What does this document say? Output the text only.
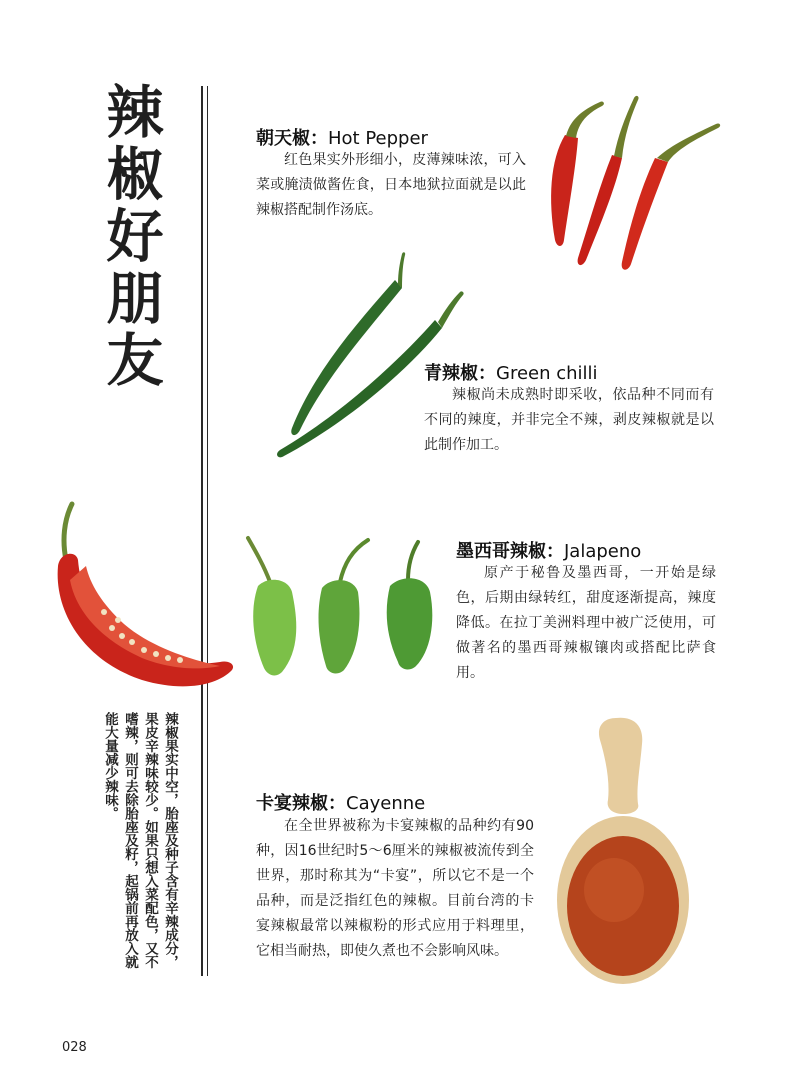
辣椒好朋友
朝天椒：Hot Pepper
红色果实外形细小，皮薄辣味浓，可入菜或腌渍做酱佐食，日本地狱拉面就是以此辣椒搭配制作汤底。
青辣椒：Green chilli
辣椒尚未成熟时即采收，依品种不同而有不同的辣度，并非完全不辣，剥皮辣椒就是以此制作加工。
墨西哥辣椒：Jalapeno
原产于秘鲁及墨西哥，一开始是绿色，后期由绿转红，甜度逐渐提高，辣度降低。在拉丁美洲料理中被广泛使用，可做著名的墨西哥辣椒镶肉或搭配比萨食用。
辣椒果实中空，胎座及种子含有辛辣成分，果皮辛辣味较少。如果只想入菜配色，又不嗜辣，则可去除胎座及籽，起锅前再放入就能大量减少辣味。	卡宴辣椒：Cayenne
在全世界被称为卡宴辣椒的品种约有90种，因16世纪时5～6厘米的辣椒被流传到全世界，那时称其为“卡宴”，所以它不是一个品种，而是泛指红色的辣椒。目前台湾的卡宴辣椒最常以辣椒粉的形式应用于料理里，它相当耐热，即使久煮也不会影响风味。
028
